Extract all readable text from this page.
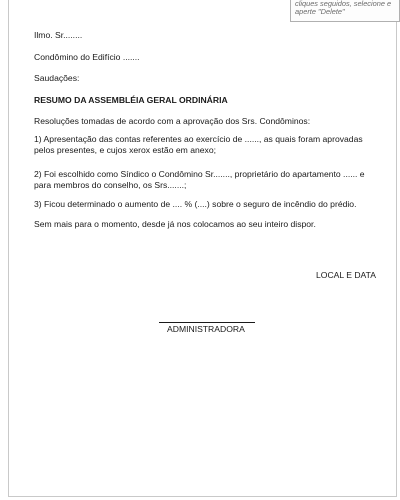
cliques seguidos, selecione e
aperte "Delete"

Ilmo. Sr........

Condômino do Edifício .......

Saudações:

RESUMO DA ASSEMBLÉIA GERAL ORDINÁRIA

Resoluções tomadas de acordo com a aprovação dos Srs. Condôminos:

1) Apresentação das contas referentes ao exercício de ......, as quais foram aprovadas pelos presentes, e cujos xerox estão em anexo;

2) Foi escolhido como Síndico o Condômino Sr......., proprietário do apartamento ...... e para membros do conselho, os Srs.......;

3) Ficou determinado o aumento de .... % (....) sobre o seguro de incêndio do prédio.

Sem mais para o momento, desde já nos colocamos ao seu inteiro dispor.

LOCAL E DATA

ADMINISTRADORA
